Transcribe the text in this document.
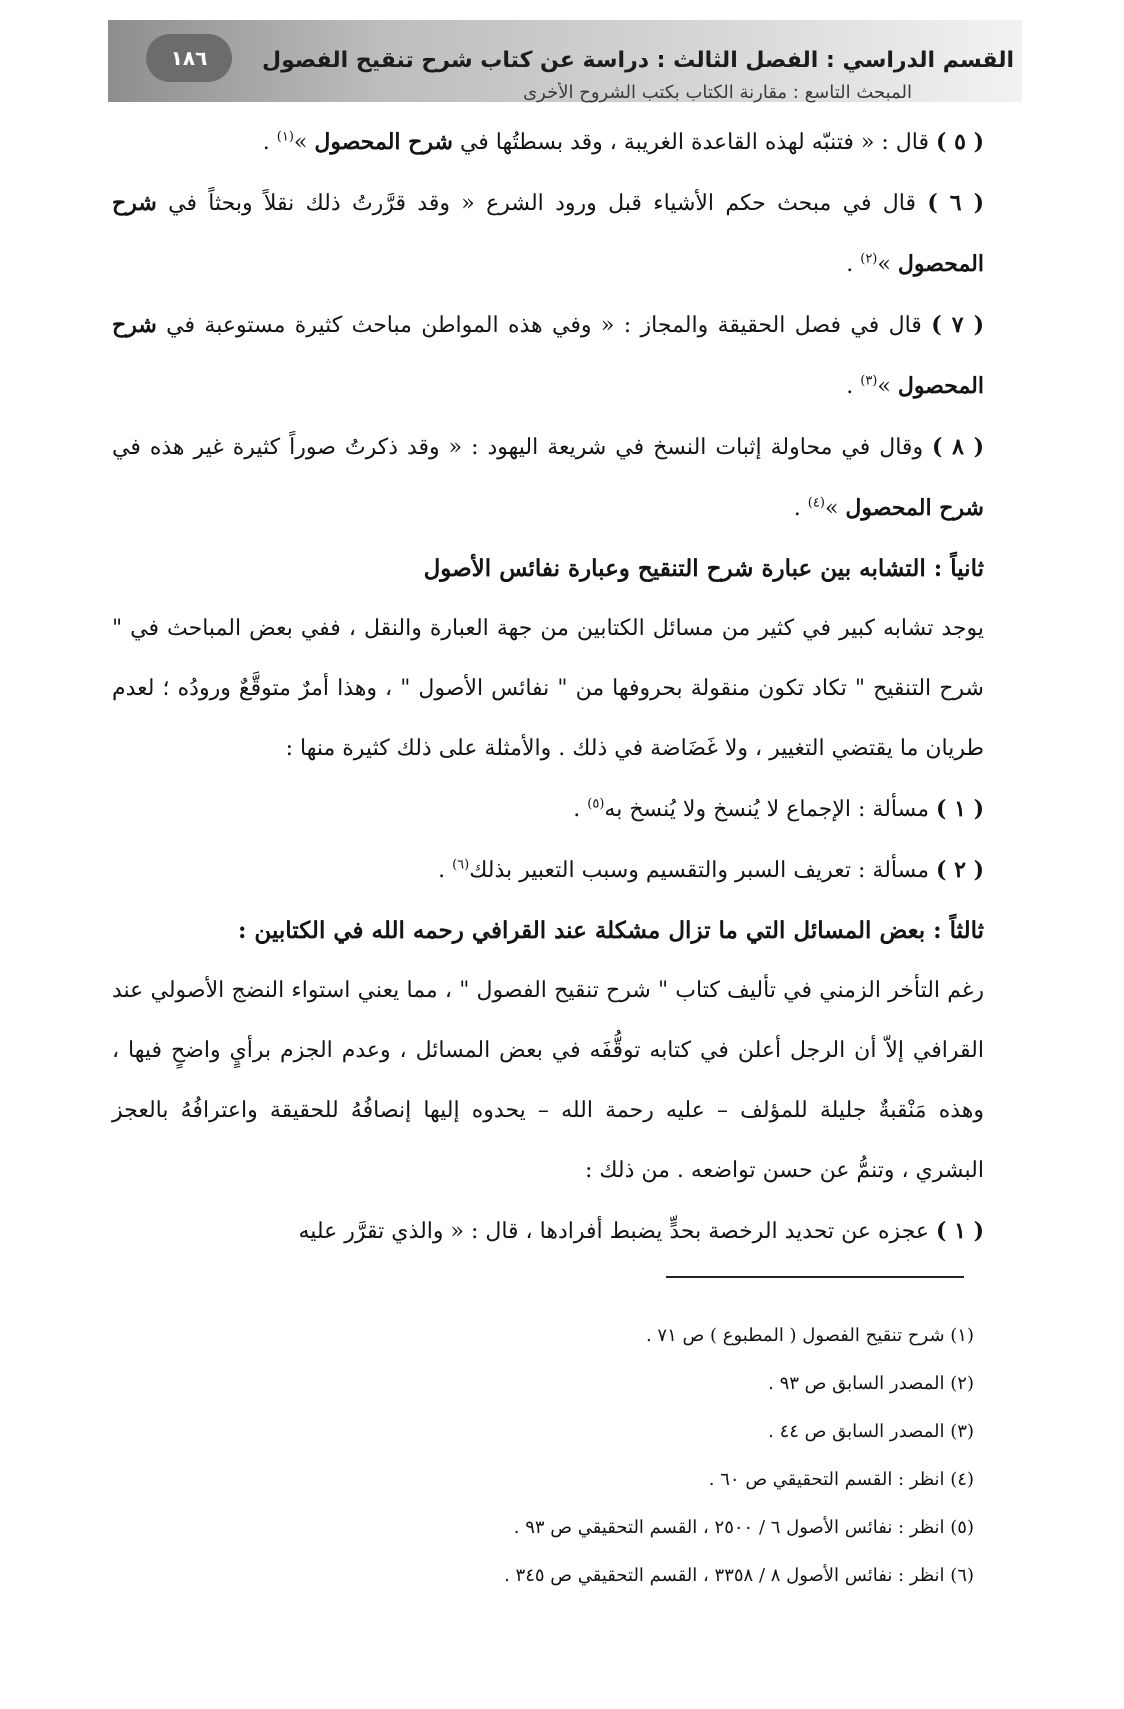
القسم الدراسي : الفصل الثالث : دراسة عن كتاب شرح تنقيح الفصول
المبحث التاسع : مقارنة الكتاب بكتب الشروح الأخرى
١٨٦

( ٥ ) قال : « فتنبّه لهذه القاعدة الغريبة ، وقد بسطتُها في شرح المحصول »$^{(١)}$ .

( ٦ ) قال في مبحث حكم الأشياء قبل ورود الشرع « وقد قرَّرتُ ذلك نقلاً وبحثاً في شرح المحصول »$^{(٢)}$ .

( ٧ ) قال في فصل الحقيقة والمجاز : « وفي هذه المواطن مباحث كثيرة مستوعبة في شرح المحصول »$^{(٣)}$ .

( ٨ ) وقال في محاولة إثبات النسخ في شريعة اليهود : « وقد ذكرتُ صوراً كثيرة غير هذه في شرح المحصول »$^{(٤)}$ .

ثانياً : التشابه بين عبارة شرح التنقيح وعبارة نفائس الأصول

يوجد تشابه كبير في كثير من مسائل الكتابين من جهة العبارة والنقل ، ففي بعض المباحث في " شرح التنقيح " تكاد تكون منقولة بحروفها من " نفائس الأصول " ، وهذا أمرٌ متوقَّعٌ ورودُه ؛ لعدم طريان ما يقتضي التغيير ، ولا غَضَاضة في ذلك . والأمثلة على ذلك كثيرة منها :

( ١ ) مسألة : الإجماع لا يُنسخ ولا يُنسخ به$^{(٥)}$ .

( ٢ ) مسألة : تعريف السبر والتقسيم وسبب التعبير بذلك$^{(٦)}$ .

ثالثاً : بعض المسائل التي ما تزال مشكلة عند القرافي رحمه الله في الكتابين :

رغم التأخر الزمني في تأليف كتاب " شرح تنقيح الفصول " ، مما يعني استواء النضج الأصولي عند القرافي إلاّ أن الرجل أعلن في كتابه توقُّفَه في بعض المسائل ، وعدم الجزم برأيٍ واضحٍ فيها ، وهذه مَنْقبةٌ جليلة للمؤلف – عليه رحمة الله – يحدوه إليها إنصافُهُ للحقيقة واعترافُهُ بالعجز البشري ، وتنمُّ عن حسن تواضعه . من ذلك :

( ١ ) عجزه عن تحديد الرخصة بحدٍّ يضبط أفرادها ، قال : « والذي تقرَّر عليه

(١) شرح تنقيح الفصول ( المطبوع ) ص ٧١ .

(٢) المصدر السابق ص ٩٣ .

(٣) المصدر السابق ص ٤٤ .

(٤) انظر : القسم التحقيقي ص ٦٠ .

(٥) انظر : نفائس الأصول ٦ / ٢٥٠٠ ، القسم التحقيقي ص ٩٣ .

(٦) انظر : نفائس الأصول ٨ / ٣٣٥٨ ، القسم التحقيقي ص ٣٤٥ .
